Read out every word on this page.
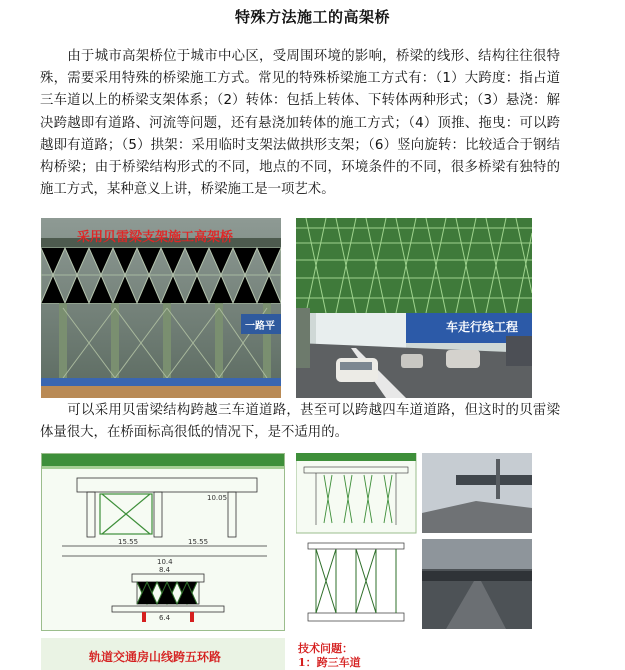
特殊方法施工的高架桥
由于城市高架桥位于城市中心区，受周围环境的影响，桥梁的线形、结构往往很特殊，需要采用特殊的桥梁施工方式。常见的特殊桥梁施工方式有：（1）大跨度：指占道三车道以上的桥梁支架体系；（2）转体：包括上转体、下转体两种形式；（3）悬浇：解决跨越即有道路、河流等问题，还有悬浇加转体的施工方式；（4）顶推、拖曳：可以跨越即有道路；（5）拱架：采用临时支架法做拱形支架；（6）竖向旋转：比较适合于钢结构桥梁；由于桥梁结构形式的不同，地点的不同，环境条件的不同，很多桥梁有独特的施工方式，某种意义上讲，桥梁施工是一项艺术。
采用贝雷梁支架施工高架桥
一路平	车走行线工程
可以采用贝雷梁结构跨越三车道道路，甚至可以跨越四车道道路，但这时的贝雷梁体量很大，在桥面标高很低的情况下，是不适用的。
10.05
15.55	15.55
10.4
8.4
6.4
轨道交通房山线跨五环路
技术问题：
1：跨三车道
